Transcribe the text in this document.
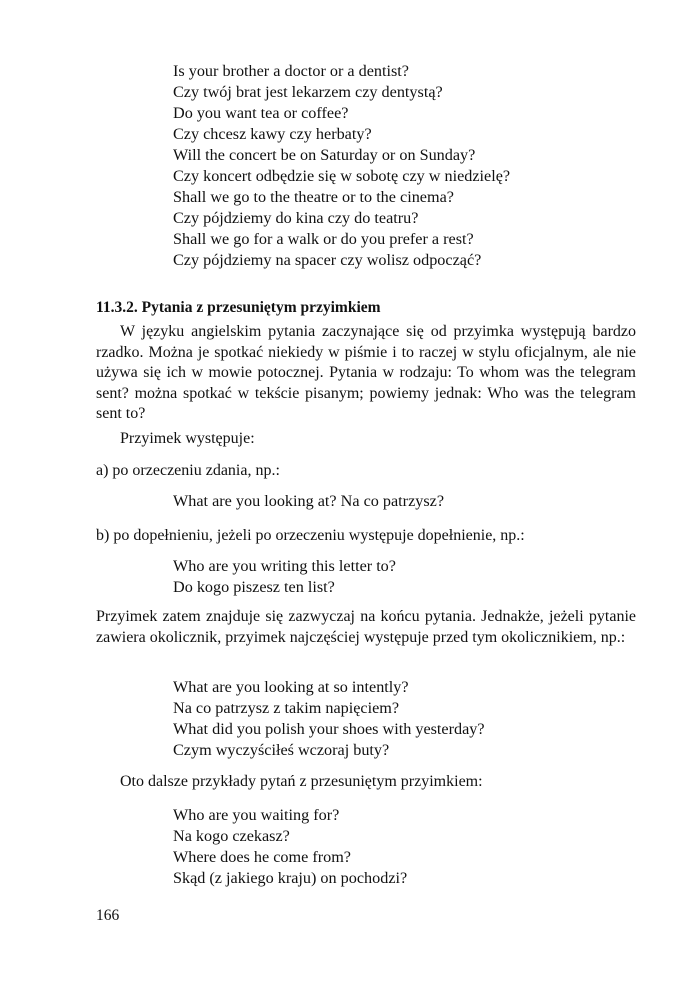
Is your brother a doctor or a dentist?
Czy twój brat jest lekarzem czy dentystą?
Do you want tea or coffee?
Czy chcesz kawy czy herbaty?
Will the concert be on Saturday or on Sunday?
Czy koncert odbędzie się w sobotę czy w niedzielę?
Shall we go to the theatre or to the cinema?
Czy pójdziemy do kina czy do teatru?
Shall we go for a walk or do you prefer a rest?
Czy pójdziemy na spacer czy wolisz odpocząć?
11.3.2. Pytania z przesuniętym przyimkiem

W języku angielskim pytania zaczynające się od przyimka występują bardzo rzadko. Można je spotkać niekiedy w piśmie i to raczej w stylu oficjalnym, ale nie używa się ich w mowie potocznej. Pytania w rodzaju: To whom was the telegram sent? można spotkać w tekście pisanym; powiemy jednak: Who was the telegram sent to?

Przyimek występuje:
a) po orzeczeniu zdania, np.:
What are you looking at? Na co patrzysz?
b) po dopełnieniu, jeżeli po orzeczeniu występuje dopełnienie, np.:
Who are you writing this letter to?
Do kogo piszesz ten list?

Przyimek zatem znajduje się zazwyczaj na końcu pytania. Jednakże, jeżeli pytanie zawiera okolicznik, przyimek najczęściej występuje przed tym okolicznikiem, np.:

What are you looking at so intently?
Na co patrzysz z takim napięciem?
What did you polish your shoes with yesterday?
Czym wyczyściłeś wczoraj buty?
Oto dalsze przykłady pytań z przesuniętym przyimkiem:
Who are you waiting for?
Na kogo czekasz?
Where does he come from?
Skąd (z jakiego kraju) on pochodzi?
166
